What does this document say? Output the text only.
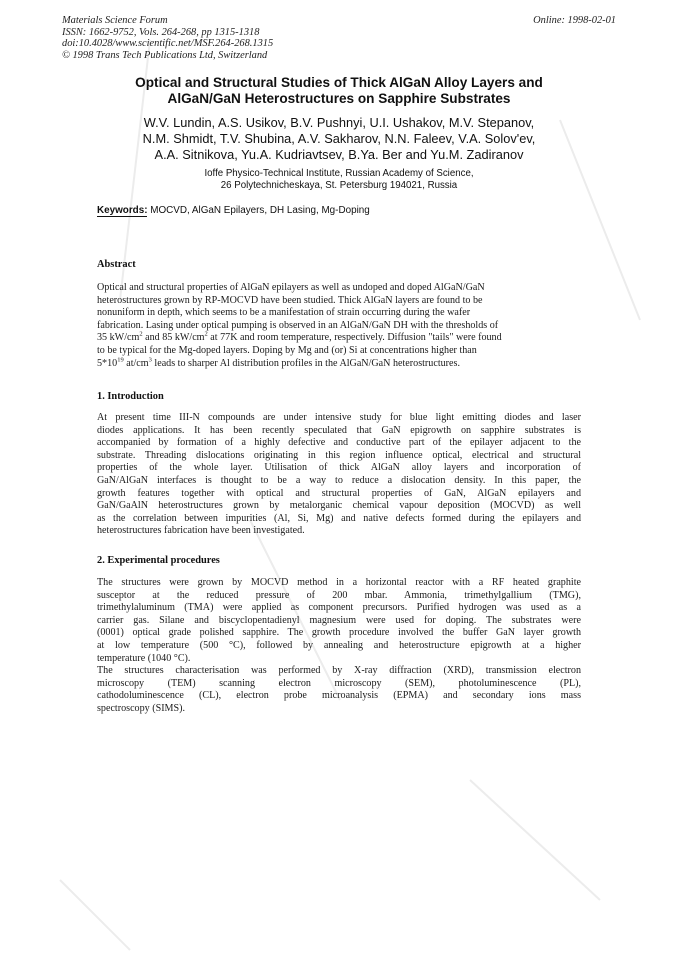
Materials Science Forum
ISSN: 1662-9752, Vols. 264-268, pp 1315-1318
doi:10.4028/www.scientific.net/MSF.264-268.1315
© 1998 Trans Tech Publications Ltd, Switzerland
Online: 1998-02-01
Optical and Structural Studies of Thick AlGaN Alloy Layers and
AlGaN/GaN Heterostructures on Sapphire Substrates
W.V. Lundin, A.S. Usikov, B.V. Pushnyi, U.I. Ushakov, M.V. Stepanov,
N.M. Shmidt, T.V. Shubina, A.V. Sakharov, N.N. Faleev, V.A. Solov'ev,
A.A. Sitnikova, Yu.A. Kudriavtsev, B.Ya. Ber and Yu.M. Zadiranov
Ioffe Physico-Technical Institute, Russian Academy of Science,
26 Polytechnicheskaya, St. Petersburg 194021, Russia
Keywords: MOCVD, AlGaN Epilayers, DH Lasing, Mg-Doping
Abstract
Optical and structural properties of AlGaN epilayers as well as undoped and doped AlGaN/GaN
heterostructures grown by RP-MOCVD have been studied. Thick AlGaN layers are found to be
nonuniform in depth, which seems to be a manifestation of strain occurring during the wafer
fabrication. Lasing under optical pumping is observed in an AlGaN/GaN DH with the thresholds of
35 $kW/cm^2$ and 85 $kW/cm^2$ at 77K and room temperature, respectively. Diffusion "tails" were found
to be typical for the Mg-doped layers. Doping by Mg and (or) Si at concentrations higher than
$5*10^{19}$ $at/cm^3$ leads to sharper Al distribution profiles in the AlGaN/GaN heterostructures.
1. Introduction
At present time III-N compounds are under intensive study for blue light emitting diodes and laser
diodes applications. It has been recently speculated that GaN epigrowth on sapphire substrates is
accompanied by formation of a highly defective and conductive part of the epilayer adjacent to the
substrate. Threading dislocations originating in this region influence optical, electrical and structural
properties of the whole layer. Utilisation of thick AlGaN alloy layers and incorporation of
GaN/AlGaN interfaces is thought to be a way to reduce a dislocation density. In this paper, the
growth features together with optical and structural properties of GaN, AlGaN epilayers and
GaN/GaAlN heterostructures grown by metalorganic chemical vapour deposition (MOCVD) as well
as the correlation between impurities (Al, Si, Mg) and native defects formed during the epilayers and
heterostructures fabrication have been investigated.
2. Experimental procedures
The structures were grown by MOCVD method in a horizontal reactor with a RF heated graphite
susceptor at the reduced pressure of 200 mbar. Ammonia, trimethylgallium (TMG),
trimethylaluminum (TMA) were applied as component precursors. Purified hydrogen was used as a
carrier gas. Silane and biscyclopentadienyl magnesium were used for doping. The substrates were
(0001) optical grade polished sapphire. The growth procedure involved the buffer GaN layer growth
at low temperature (500 °C), followed by annealing and heterostructure epigrowth at a higher
temperature (1040 °C).
The structures characterisation was performed by X-ray diffraction (XRD), transmission electron
microscopy (TEM) scanning electron microscopy (SEM), photoluminescence (PL),
cathodoluminescence (CL), electron probe microanalysis (EPMA) and secondary ions mass
spectroscopy (SIMS).
